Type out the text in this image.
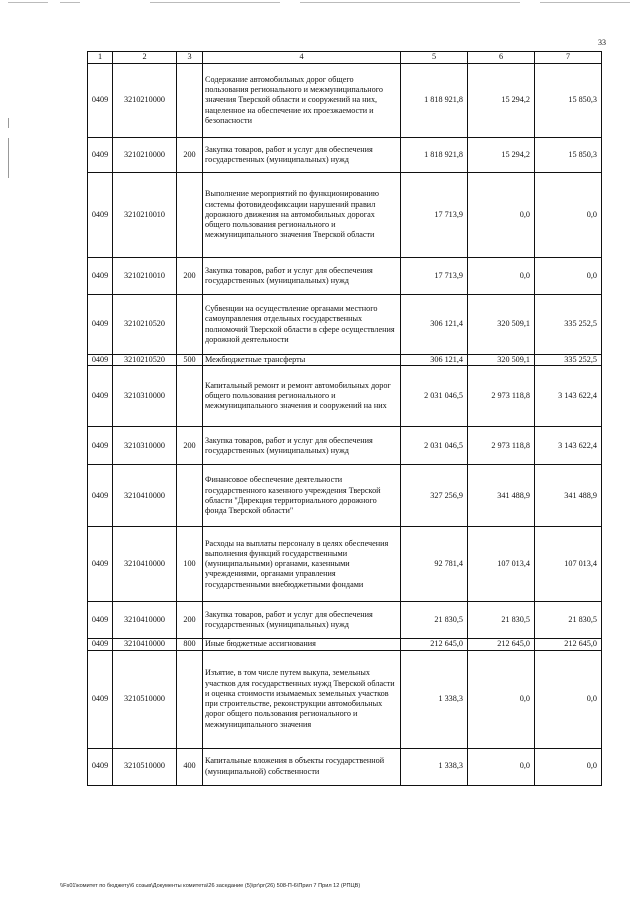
33
1	2	3	4	5	6	7
0409	3210210000		Содержание автомобильных дорог общего пользования регионального и межмуниципального значения Тверской области и сооружений на них, нацеленное на обеспечение их проезжаемости и безопасности	1 818 921,8	15 294,2	15 850,3
0409	3210210000	200	Закупка товаров, работ и услуг для обеспечения государственных (муниципальных) нужд	1 818 921,8	15 294,2	15 850,3
0409	3210210010		Выполнение мероприятий по функционированию системы фотовидеофиксации нарушений правил дорожного движения на автомобильных дорогах общего пользования регионального и межмуниципального значения Тверской области	17 713,9	0,0	0,0
0409	3210210010	200	Закупка товаров, работ и услуг для обеспечения государственных (муниципальных) нужд	17 713,9	0,0	0,0
0409	3210210520		Субвенции на осуществление органами местного самоуправления отдельных государственных полномочий Тверской области в сфере осуществления дорожной деятельности	306 121,4	320 509,1	335 252,5
0409	3210210520	500	Межбюджетные трансферты	306 121,4	320 509,1	335 252,5
0409	3210310000		Капитальный ремонт и ремонт автомобильных дорог общего пользования регионального и межмуниципального значения и сооружений на них	2 031 046,5	2 973 118,8	3 143 622,4
0409	3210310000	200	Закупка товаров, работ и услуг для обеспечения государственных (муниципальных) нужд	2 031 046,5	2 973 118,8	3 143 622,4
0409	3210410000		Финансовое обеспечение деятельности государственного казенного учреждения Тверской области "Дирекция территориального дорожного фонда Тверской области"	327 256,9	341 488,9	341 488,9
0409	3210410000	100	Расходы на выплаты персоналу в целях обеспечения выполнения функций государственными (муниципальными) органами, казенными учреждениями, органами управления государственными внебюджетными фондами	92 781,4	107 013,4	107 013,4
0409	3210410000	200	Закупка товаров, работ и услуг для обеспечения государственных (муниципальных) нужд	21 830,5	21 830,5	21 830,5
0409	3210410000	800	Иные бюджетные ассигнования	212 645,0	212 645,0	212 645,0
0409	3210510000		Изъятие, в том числе путем выкупа, земельных участков для государственных нужд Тверской области и оценка стоимости изымаемых земельных участков при строительстве, реконструкции автомобильных дорог общего пользования регионального и межмуниципального значения	1 338,3	0,0	0,0
0409	3210510000	400	Капитальные вложения в объекты государственной (муниципальной) собственности	1 338,3	0,0	0,0
\\Fs01\комитет по бюджету\6 созыв\Документы комитета\26 заседание (5)\рг\рг(26) 508-П-6\Прил 7 Прил 12 (РПЦВ)
